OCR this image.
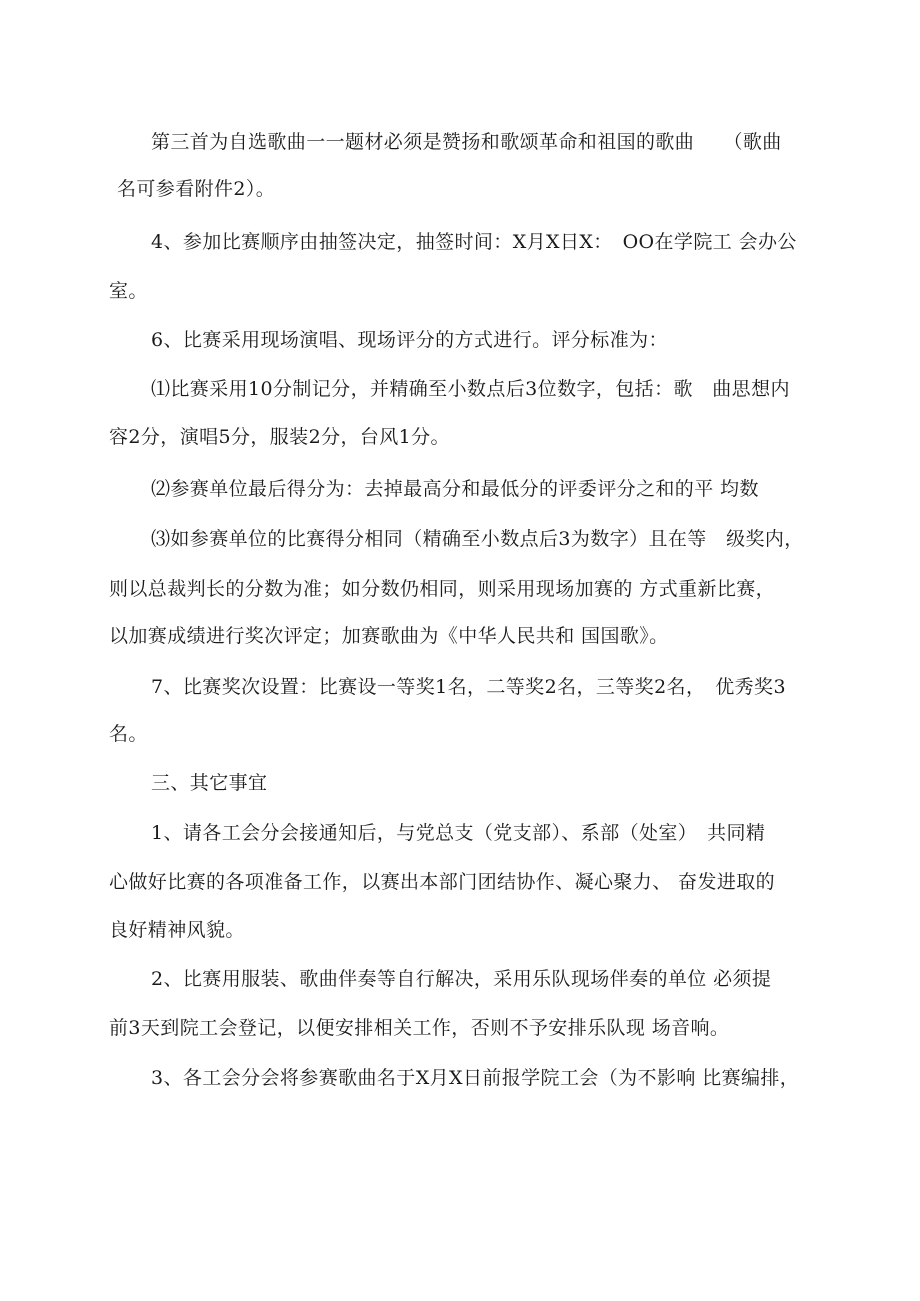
第三首为自选歌曲一一题材必须是赞扬和歌颂革命和祖国的歌曲　　（歌曲
名可参看附件2）。
4、参加比赛顺序由抽签决定，抽签时间：X月X日X：　OO在学院工 会办公
室。
6、比赛采用现场演唱、现场评分的方式进行。评分标准为：
⑴比赛采用10分制记分，并精确至小数点后3位数字，包括：歌　曲思想内
容2分，演唱5分，服装2分，台风1分。
⑵参赛单位最后得分为：去掉最高分和最低分的评委评分之和的平 均数
⑶如参赛单位的比赛得分相同（精确至小数点后3为数字）且在等　级奖内，
则以总裁判长的分数为准；如分数仍相同，则采用现场加赛的 方式重新比赛，
以加赛成绩进行奖次评定；加赛歌曲为《中华人民共和 国国歌》。
7、比赛奖次设置：比赛设一等奖1名，二等奖2名，三等奖2名，　优秀奖3
名。
三、其它事宜
1、请各工会分会接通知后，与党总支（党支部）、系部（处室）　共同精
心做好比赛的各项准备工作，以赛出本部门团结协作、凝心聚力、 奋发进取的
良好精神风貌。
2、比赛用服装、歌曲伴奏等自行解决，采用乐队现场伴奏的单位 必须提
前3天到院工会登记，以便安排相关工作，否则不予安排乐队现 场音响。
3、各工会分会将参赛歌曲名于X月X日前报学院工会（为不影响 比赛编排，
